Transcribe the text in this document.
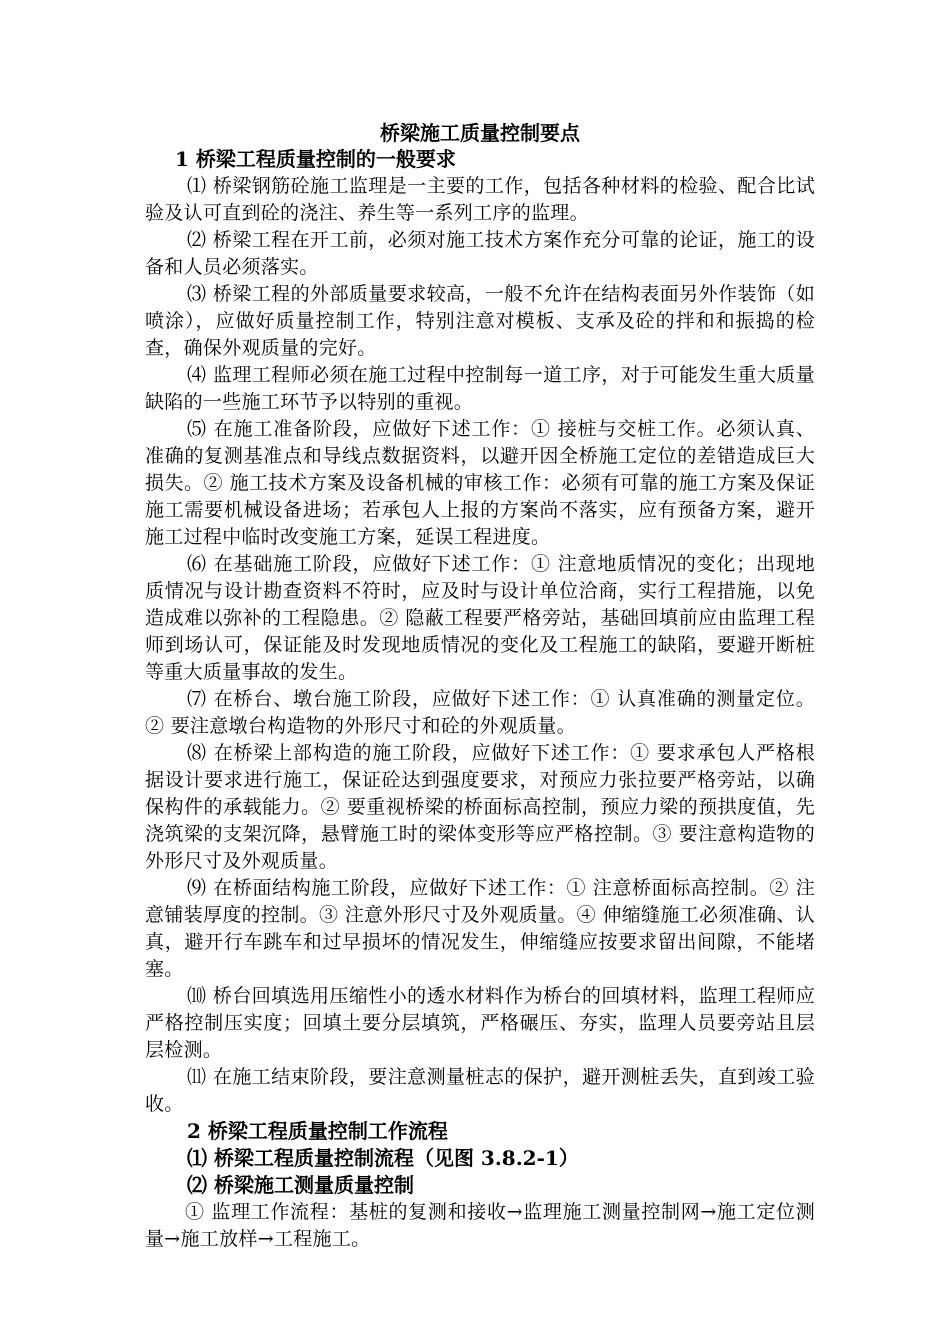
桥梁施工质量控制要点
1 桥梁工程质量控制的一般要求

⑴ 桥梁钢筋砼施工监理是一主要的工作，包括各种材料的检验、配合比试验及认可直到砼的浇注、养生等一系列工序的监理。

⑵ 桥梁工程在开工前，必须对施工技术方案作充分可靠的论证，施工的设备和人员必须落实。

⑶ 桥梁工程的外部质量要求较高，一般不允许在结构表面另外作装饰（如喷涂），应做好质量控制工作，特别注意对模板、支承及砼的拌和和振捣的检查，确保外观质量的完好。

⑷ 监理工程师必须在施工过程中控制每一道工序，对于可能发生重大质量缺陷的一些施工环节予以特别的重视。

⑸ 在施工准备阶段，应做好下述工作：① 接桩与交桩工作。必须认真、准确的复测基准点和导线点数据资料，以避开因全桥施工定位的差错造成巨大损失。② 施工技术方案及设备机械的审核工作：必须有可靠的施工方案及保证施工需要机械设备进场；若承包人上报的方案尚不落实，应有预备方案，避开施工过程中临时改变施工方案，延误工程进度。

⑹ 在基础施工阶段，应做好下述工作：① 注意地质情况的变化；出现地质情况与设计勘查资料不符时，应及时与设计单位洽商，实行工程措施，以免造成难以弥补的工程隐患。② 隐蔽工程要严格旁站，基础回填前应由监理工程师到场认可，保证能及时发现地质情况的变化及工程施工的缺陷，要避开断桩等重大质量事故的发生。

⑺ 在桥台、墩台施工阶段，应做好下述工作：① 认真准确的测量定位。② 要注意墩台构造物的外形尺寸和砼的外观质量。

⑻ 在桥梁上部构造的施工阶段，应做好下述工作：① 要求承包人严格根据设计要求进行施工，保证砼达到强度要求，对预应力张拉要严格旁站，以确保构件的承载能力。② 要重视桥梁的桥面标高控制，预应力梁的预拱度值，先浇筑梁的支架沉降，悬臂施工时的梁体变形等应严格控制。③ 要注意构造物的外形尺寸及外观质量。

⑼ 在桥面结构施工阶段，应做好下述工作：① 注意桥面标高控制。② 注意铺装厚度的控制。③ 注意外形尺寸及外观质量。④ 伸缩缝施工必须准确、认真，避开行车跳车和过早损坏的情况发生，伸缩缝应按要求留出间隙，不能堵塞。

⑽ 桥台回填选用压缩性小的透水材料作为桥台的回填材料，监理工程师应严格控制压实度；回填土要分层填筑，严格碾压、夯实，监理人员要旁站且层层检测。

⑾ 在施工结束阶段，要注意测量桩志的保护，避开测桩丢失，直到竣工验收。

2 桥梁工程质量控制工作流程
⑴ 桥梁工程质量控制流程（见图 3.8.2-1）
⑵ 桥梁施工测量质量控制

① 监理工作流程：基桩的复测和接收→监理施工测量控制网→施工定位测量→施工放样→工程施工。
